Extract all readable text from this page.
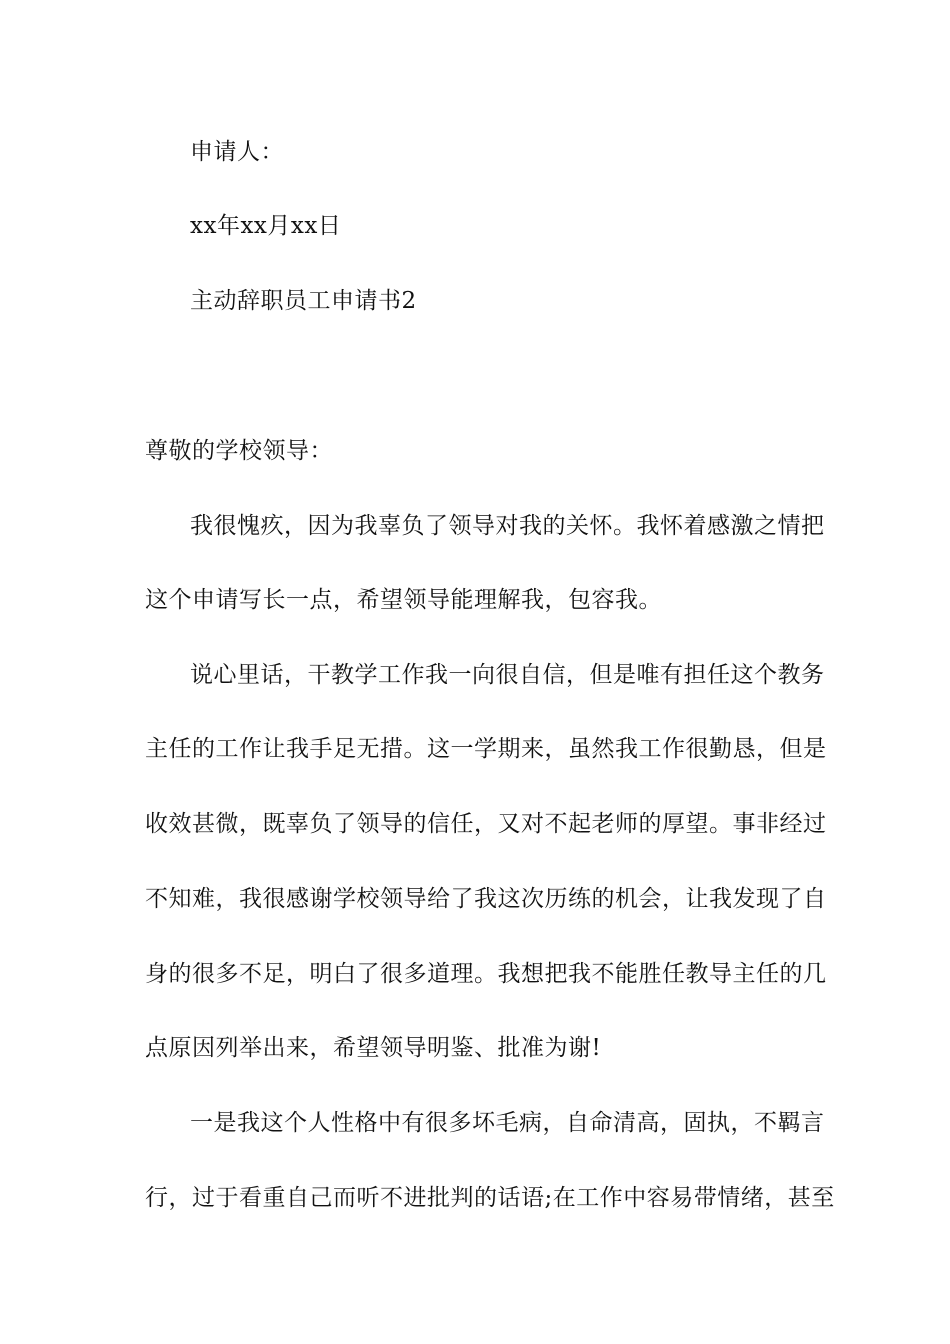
申请人：
xx年xx月xx日
主动辞职员工申请书2
尊敬的学校领导：
我很愧疚，因为我辜负了领导对我的关怀。我怀着感激之情把
这个申请写长一点，希望领导能理解我，包容我。
说心里话，干教学工作我一向很自信，但是唯有担任这个教务
主任的工作让我手足无措。这一学期来，虽然我工作很勤恳，但是
收效甚微，既辜负了领导的信任，又对不起老师的厚望。事非经过
不知难，我很感谢学校领导给了我这次历练的机会，让我发现了自
身的很多不足，明白了很多道理。我想把我不能胜任教导主任的几
点原因列举出来，希望领导明鉴、批准为谢!
一是我这个人性格中有很多坏毛病，自命清高，固执，不羁言
行，过于看重自己而听不进批判的话语;在工作中容易带情绪，甚至
